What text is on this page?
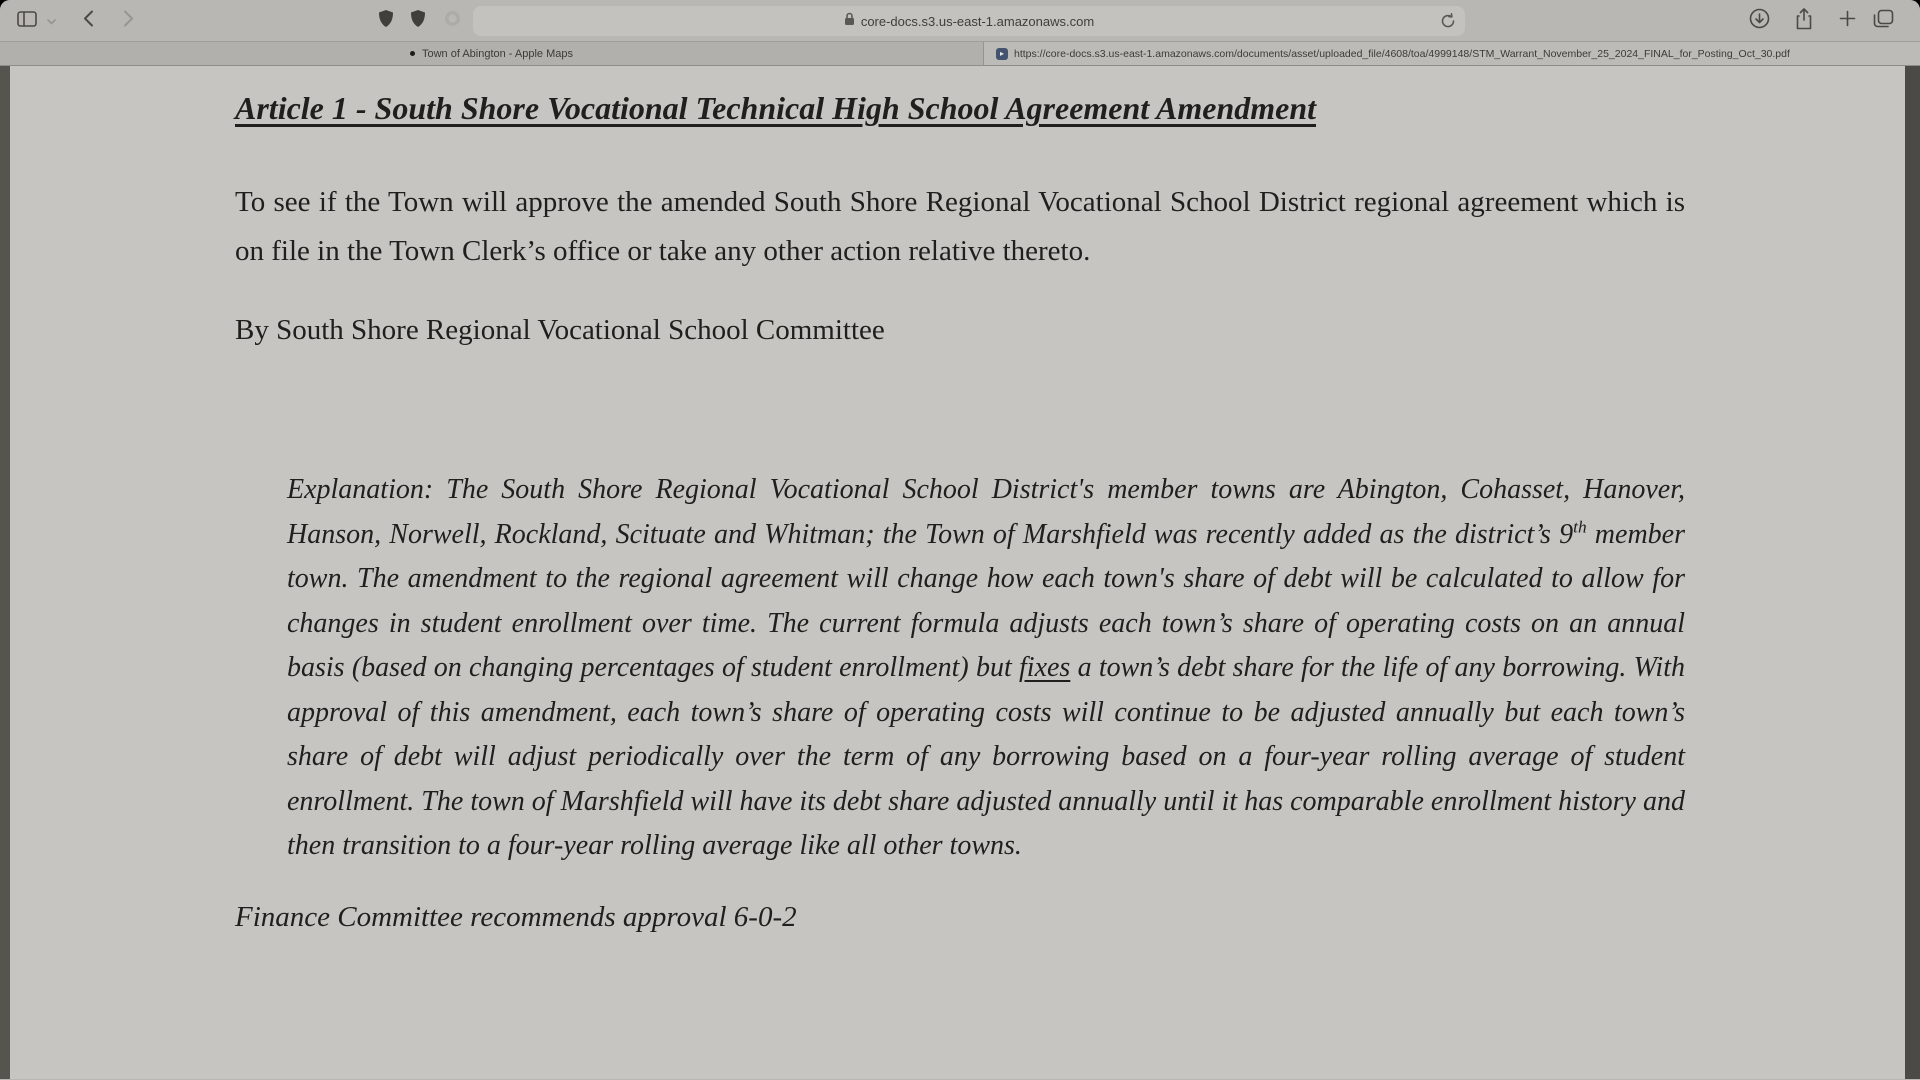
core-docs.s3.us-east-1.amazonaws.com
Town of Abington - Apple Maps	▸ https://core-docs.s3.us-east-1.amazonaws.com/documents/asset/uploaded_file/4608/toa/4999148/STM_Warrant_November_25_2024_FINAL_for_Posting_Oct_30.pdf
Article 1 - South Shore Vocational Technical High School Agreement Amendment

To see if the Town will approve the amended South Shore Regional Vocational School District regional agreement which is on file in the Town Clerk’s office or take any other action relative thereto.

By South Shore Regional Vocational School Committee

Explanation: The South Shore Regional Vocational School District's member towns are Abington, Cohasset, Hanover, Hanson, Norwell, Rockland, Scituate and Whitman; the Town of Marshfield was recently added as the district’s 9th member town. The amendment to the regional agreement will change how each town's share of debt will be calculated to allow for changes in student enrollment over time. The current formula adjusts each town’s share of operating costs on an annual basis (based on changing percentages of student enrollment) but fixes a town’s debt share for the life of any borrowing. With approval of this amendment, each town’s share of operating costs will continue to be adjusted annually but each town’s share of debt will adjust periodically over the term of any borrowing based on a four-year rolling average of student enrollment. The town of Marshfield will have its debt share adjusted annually until it has comparable enrollment history and then transition to a four-year rolling average like all other towns.

Finance Committee recommends approval 6-0-2
